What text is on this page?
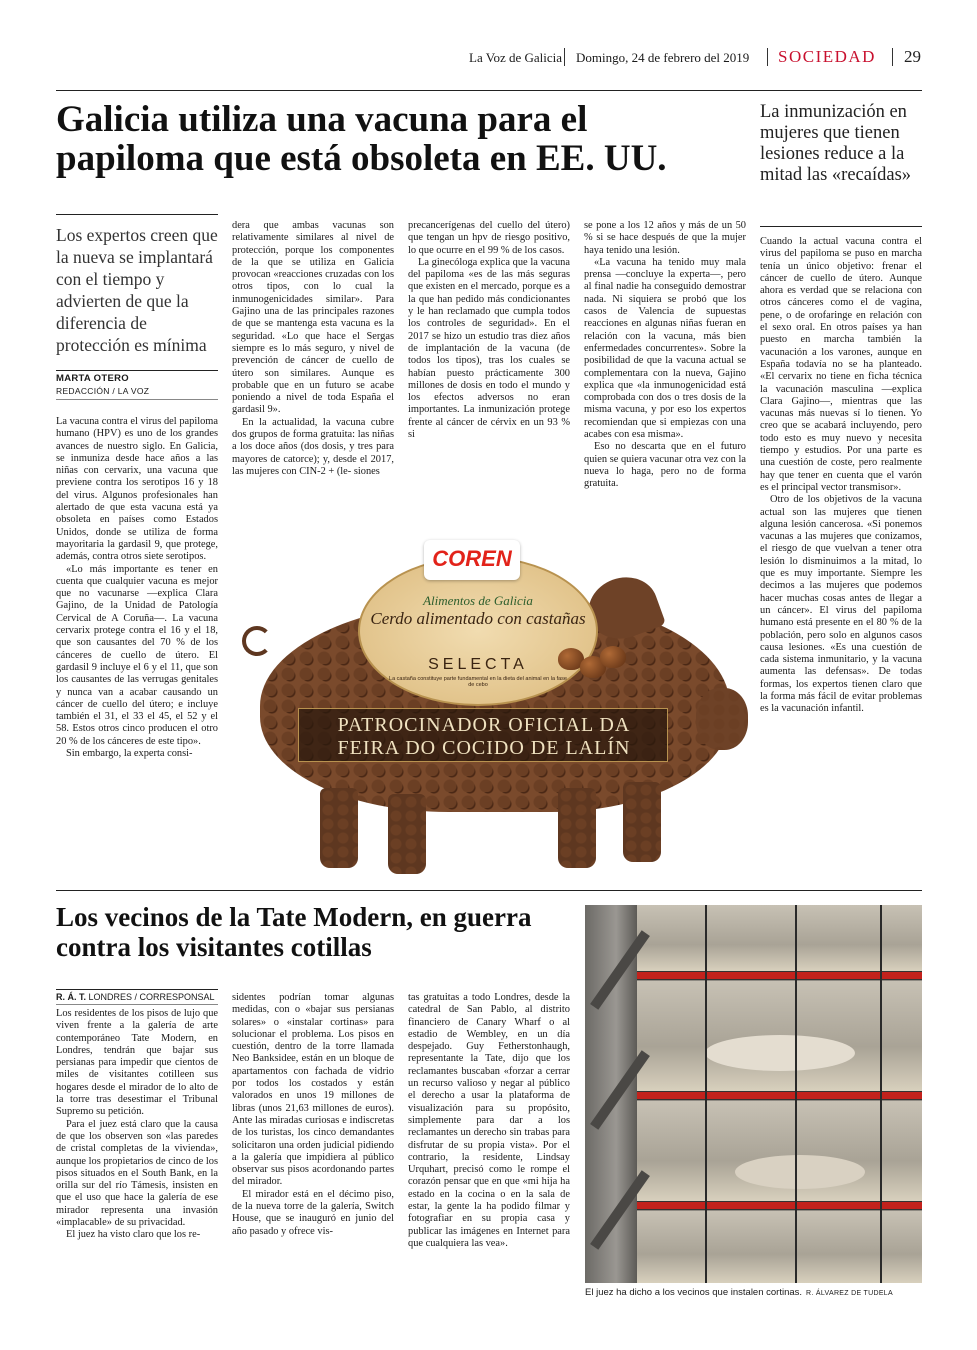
La Voz de Galicia Domingo, 24 de febrero del 2019 SOCIEDAD 29
Galicia utiliza una vacuna para el papiloma que está obsoleta en EE. UU.
La inmunización en mujeres que tienen lesiones reduce a la mitad las «recaídas»
Los expertos creen que la nueva se implantará con el tiempo y advierten de que la diferencia de protección es mínima
MARTA OTERO
REDACCIÓN / LA VOZ

La vacuna contra el virus del papiloma humano (HPV) es uno de los grandes avances de nuestro siglo. En Galicia, se inmuniza desde hace años a las niñas con cervarix, una vacuna que previene contra los serotipos 16 y 18 del virus. Algunos profesionales han alertado de que esta vacuna está ya obsoleta en países como Estados Unidos, donde se utiliza de forma mayoritaria la gardasil 9, que protege, además, contra otros siete serotipos.

«Lo más importante es tener en cuenta que cualquier vacuna es mejor que no vacunarse —explica Clara Gajino, de la Unidad de Patología Cervical de A Coruña—. La vacuna cervarix protege contra el 16 y el 18, que son causantes del 70 % de los cánceres de cuello de útero. El gardasil 9 incluye el 6 y el 11, que son los causantes de las verrugas genitales y nunca van a acabar causando un cáncer de cuello del útero; e incluye también el 31, el 33 el 45, el 52 y el 58. Estos otros cinco producen el otro 20 % de los cánceres de este tipo».

Sin embargo, la experta consi-

dera que ambas vacunas son relativamente similares al nivel de protección, porque los componentes de la que se utiliza en Galicia provocan «reacciones cruzadas con los otros tipos, con lo cual la inmunogenicidades similar». Para Gajino una de las principales razones de que se mantenga esta vacuna es la seguridad. «Lo que hace el Sergas siempre es lo más seguro, y nivel de prevención de cáncer de cuello de útero son similares. Aunque es probable que en un futuro se acabe poniendo a nivel de toda España el gardasil 9».

En la actualidad, la vacuna cubre dos grupos de forma gratuita: las niñas a los doce años (dos dosis, y tres para mayores de catorce); y, desde el 2017, las mujeres con CIN-2 + (le- siones

precancerígenas del cuello del útero) que tengan un hpv de riesgo positivo, lo que ocurre en el 99 % de los casos.

La ginecóloga explica que la vacuna del papiloma «es de las más seguras que existen en el mercado, porque es a la que han pedido más condicionantes y le han reclamado que cumpla todos los controles de seguridad». En el 2017 se hizo un estudio tras diez años de implantación de la vacuna (de todos los tipos), tras los cuales se habían puesto prácticamente 300 millones de dosis en todo el mundo y los efectos adversos no eran importantes. La inmunización protege frente al cáncer de cérvix en un 93 % si

se pone a los 12 años y más de un 50 % si se hace después de que la mujer haya tenido una lesión.

«La vacuna ha tenido muy mala prensa —concluye la experta—, pero al final nadie ha conseguido demostrar nada. Ni siquiera se probó que los casos de Valencia de supuestas reacciones en algunas niñas fueran en relación con la vacuna, más bien enfermedades concurrentes». Sobre la posibilidad de que la vacuna actual se complementara con la nueva, Gajino explica que «la inmunogenicidad está comprobada con dos o tres dosis de la misma vacuna, y por eso los expertos recomiendan que si empiezas con una acabes con esa misma».

Eso no descarta que en el futuro quien se quiera vacunar otra vez con la nueva lo haga, pero no de forma gratuita.

Cuando la actual vacuna contra el virus del papiloma se puso en marcha tenía un único objetivo: frenar el cáncer de cuello de útero. Aunque ahora es verdad que se relaciona con otros cánceres como el de vagina, pene, o de orofaringe en relación con el sexo oral. En otros países ya han puesto en marcha también la vacunación a los varones, aunque en España todavía no se ha planteado. «El cervarix no tiene en ficha técnica la vacunación masculina —explica Clara Gajino—, mientras que las vacunas más nuevas sí lo tienen. Yo creo que se acabará incluyendo, pero todo esto es muy nuevo y necesita tiempo y estudios. Por una parte es una cuestión de coste, pero realmente hay que tener en cuenta que el varón es el principal vector transmisor».

Otro de los objetivos de la vacuna actual son las mujeres que tienen alguna lesión cancerosa. «Si ponemos vacunas a las mujeres que conizamos, el riesgo de que vuelvan a tener otra lesión lo disminuimos a la mitad, lo que es muy importante. Siempre les decimos a las mujeres que podemos hacer muchas cosas antes de llegar a un cáncer». El virus del papiloma humano está presente en el 80 % de la población, pero solo en algunos casos causa lesiones. «Es una cuestión de cada sistema inmunitario, y la vacuna aumenta las defensas». De todas formas, los expertos tienen claro que la forma más fácil de evitar problemas es la vacunación infantil.

COREN
Alimentos de Galicia
Cerdo alimentado con castañas
SELECTA
La castaña constituye parte fundamental en la dieta del animal en la fase de cebo
PATROCINADOR OFICIAL DA
FEIRA DO COCIDO DE LALÍN
Los vecinos de la Tate Modern, en guerra contra los visitantes cotillas
R. Á. T. LONDRES / CORRESPONSAL

Los residentes de los pisos de lujo que viven frente a la galería de arte contemporáneo Tate Modern, en Londres, tendrán que bajar sus persianas para impedir que cientos de miles de visitantes cotilleen sus hogares desde el mirador de lo alto de la torre tras desestimar el Tribunal Supremo su petición.

Para el juez está claro que la causa de que los observen son «las paredes de cristal completas de la vivienda», aunque los propietarios de cinco de los pisos situados en el South Bank, en la orilla sur del río Támesis, insisten en que el uso que hace la galería de ese mirador representa una invasión «implacable» de su privacidad.

El juez ha visto claro que los re-

sidentes podrían tomar algunas medidas, con o «bajar sus persianas solares» o «instalar cortinas» para solucionar el problema. Los pisos en cuestión, dentro de la torre llamada Neo Banksidee, están en un bloque de apartamentos con fachada de vidrio por todos los costados y están valorados en unos 19 millones de libras (unos 21,63 millones de euros). Ante las miradas curiosas e indiscretas de los turistas, los cinco demandantes solicitaron una orden judicial pidiendo a la galería que impidiera al público observar sus pisos acordonando partes del mirador.

El mirador está en el décimo piso, de la nueva torre de la galería, Switch House, que se inauguró en junio del año pasado y ofrece vis-

tas gratuitas a todo Londres, desde la catedral de San Pablo, al distrito financiero de Canary Wharf o al estadio de Wembley, en un día despejado. Guy Fetherstonhaugh, representante la Tate, dijo que los reclamantes buscaban «forzar a cerrar un recurso valioso y negar al público el derecho a usar la plataforma de visualización para su propósito, simplemente para dar a los reclamantes un derecho sin trabas para disfrutar de su propia vista». Por el contrario, la residente, Lindsay Urquhart, precisó como le rompe el corazón pensar que en que «mi hija ha estado en la cocina o en la sala de estar, la gente la ha podido filmar y fotografiar en su propia casa y publicar las imágenes en Internet para que cualquiera las vea».

El juez ha dicho a los vecinos que instalen cortinas. R. ÁLVAREZ DE TUDELA
